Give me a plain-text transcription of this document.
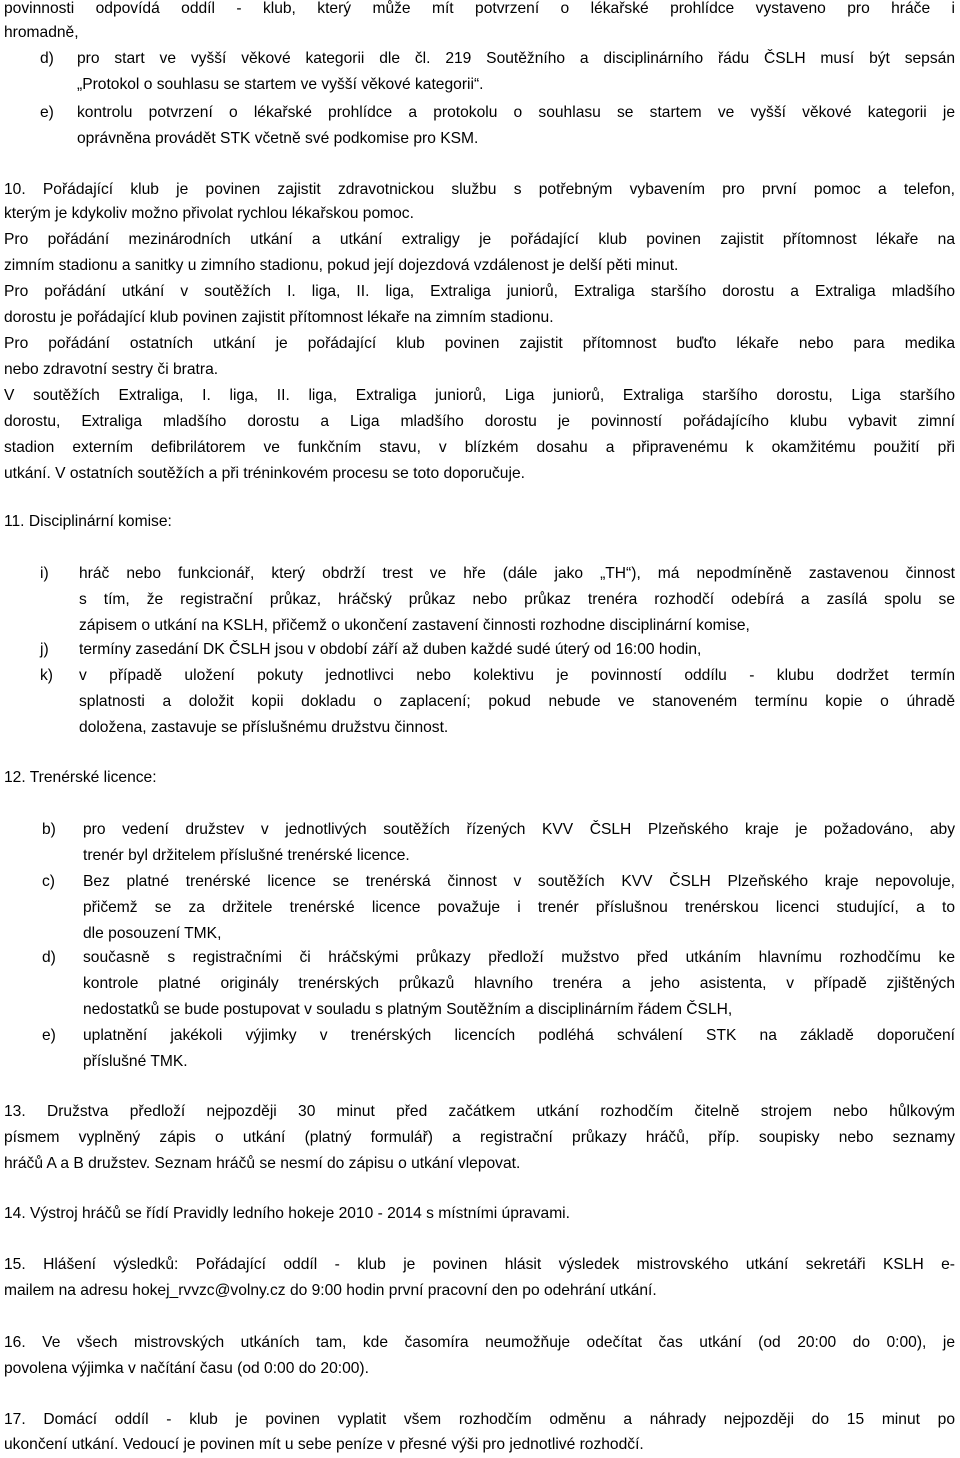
povinnosti odpovídá oddíl - klub, který může mít potvrzení o lékařské prohlídce vystaveno pro hráče i
hromadně,
d) pro start ve vyšší věkové kategorii dle čl. 219 Soutěžního a disciplinárního řádu ČSLH musí být sepsán
„Protokol o souhlasu se startem ve vyšší věkové kategorii“.
e) kontrolu potvrzení o lékařské prohlídce a protokolu o souhlasu se startem ve vyšší věkové kategorii je
oprávněna provádět STK včetně své podkomise pro KSM.
10. Pořádající klub je povinen zajistit zdravotnickou službu s potřebným vybavením pro první pomoc a telefon,
kterým je kdykoliv možno přivolat rychlou lékařskou pomoc.
Pro pořádání mezinárodních utkání a utkání extraligy je pořádající klub povinen zajistit přítomnost lékaře na
zimním stadionu a sanitky u zimního stadionu, pokud její dojezdová vzdálenost je delší pěti minut.
Pro pořádání utkání v soutěžích I. liga, II. liga, Extraliga juniorů, Extraliga staršího dorostu a Extraliga mladšího
dorostu je pořádající klub povinen zajistit přítomnost lékaře na zimním stadionu.
Pro pořádání ostatních utkání je pořádající klub povinen zajistit přítomnost buďto lékaře nebo para medika
nebo zdravotní sestry či bratra.
V soutěžích Extraliga, I. liga, II. liga, Extraliga juniorů, Liga juniorů, Extraliga staršího dorostu, Liga staršího
dorostu, Extraliga mladšího dorostu a Liga mladšího dorostu je povinností pořádajícího klubu vybavit zimní
stadion externím defibrilátorem ve funkčním stavu, v blízkém dosahu a připravenému k okamžitému použití při
utkání. V ostatních soutěžích a při tréninkovém procesu se toto doporučuje.
11. Disciplinární komise:
i) hráč nebo funkcionář, který obdrží trest ve hře (dále jako „TH“), má nepodmíněně zastavenou činnost
s tím, že registrační průkaz, hráčský průkaz nebo průkaz trenéra rozhodčí odebírá a zasílá spolu se
zápisem o utkání na KSLH, přičemž o ukončení zastavení činnosti rozhodne disciplinární komise,
j) termíny zasedání DK ČSLH jsou v období září až duben každé sudé úterý od 16:00 hodin,
k) v případě uložení pokuty jednotlivci nebo kolektivu je povinností oddílu - klubu dodržet termín
splatnosti a doložit kopii dokladu o zaplacení; pokud nebude ve stanoveném termínu kopie o úhradě
doložena, zastavuje se příslušnému družstvu činnost.
12. Trenérské licence:
b) pro vedení družstev v jednotlivých soutěžích řízených KVV ČSLH Plzeňského kraje je požadováno, aby
trenér byl držitelem příslušné trenérské licence.
c) Bez platné trenérské licence se trenérská činnost v soutěžích KVV ČSLH Plzeňského kraje nepovoluje,
přičemž se za držitele trenérské licence považuje i trenér příslušnou trenérskou licenci studující, a to
dle posouzení TMK,
d) současně s registračními či hráčskými průkazy předloží mužstvo před utkáním hlavnímu rozhodčímu ke
kontrole platné originály trenérských průkazů hlavního trenéra a jeho asistenta, v případě zjištěných
nedostatků se bude postupovat v souladu s platným Soutěžním a disciplinárním řádem ČSLH,
e) uplatnění jakékoli výjimky v trenérských licencích podléhá schválení STK na základě doporučení
příslušné TMK.
13. Družstva předloží nejpozději 30 minut před začátkem utkání rozhodčím čitelně strojem nebo hůlkovým
písmem vyplněný zápis o utkání (platný formulář) a registrační průkazy hráčů, příp. soupisky nebo seznamy
hráčů A a B družstev. Seznam hráčů se nesmí do zápisu o utkání vlepovat.
14. Výstroj hráčů se řídí Pravidly ledního hokeje 2010 - 2014 s místními úpravami.
15. Hlášení výsledků: Pořádající oddíl - klub je povinen hlásit výsledek mistrovského utkání sekretáři KSLH e-
mailem na adresu hokej_rvvzc@volny.cz do 9:00 hodin první pracovní den po odehrání utkání.
16. Ve všech mistrovských utkáních tam, kde časomíra neumožňuje odečítat čas utkání (od 20:00 do 0:00), je
povolena výjimka v načítání času (od 0:00 do 20:00).
17. Domácí oddíl - klub je povinen vyplatit všem rozhodčím odměnu a náhrady nejpozději do 15 minut po
ukončení utkání. Vedoucí je povinen mít u sebe peníze v přesné výši pro jednotlivé rozhodčí.
